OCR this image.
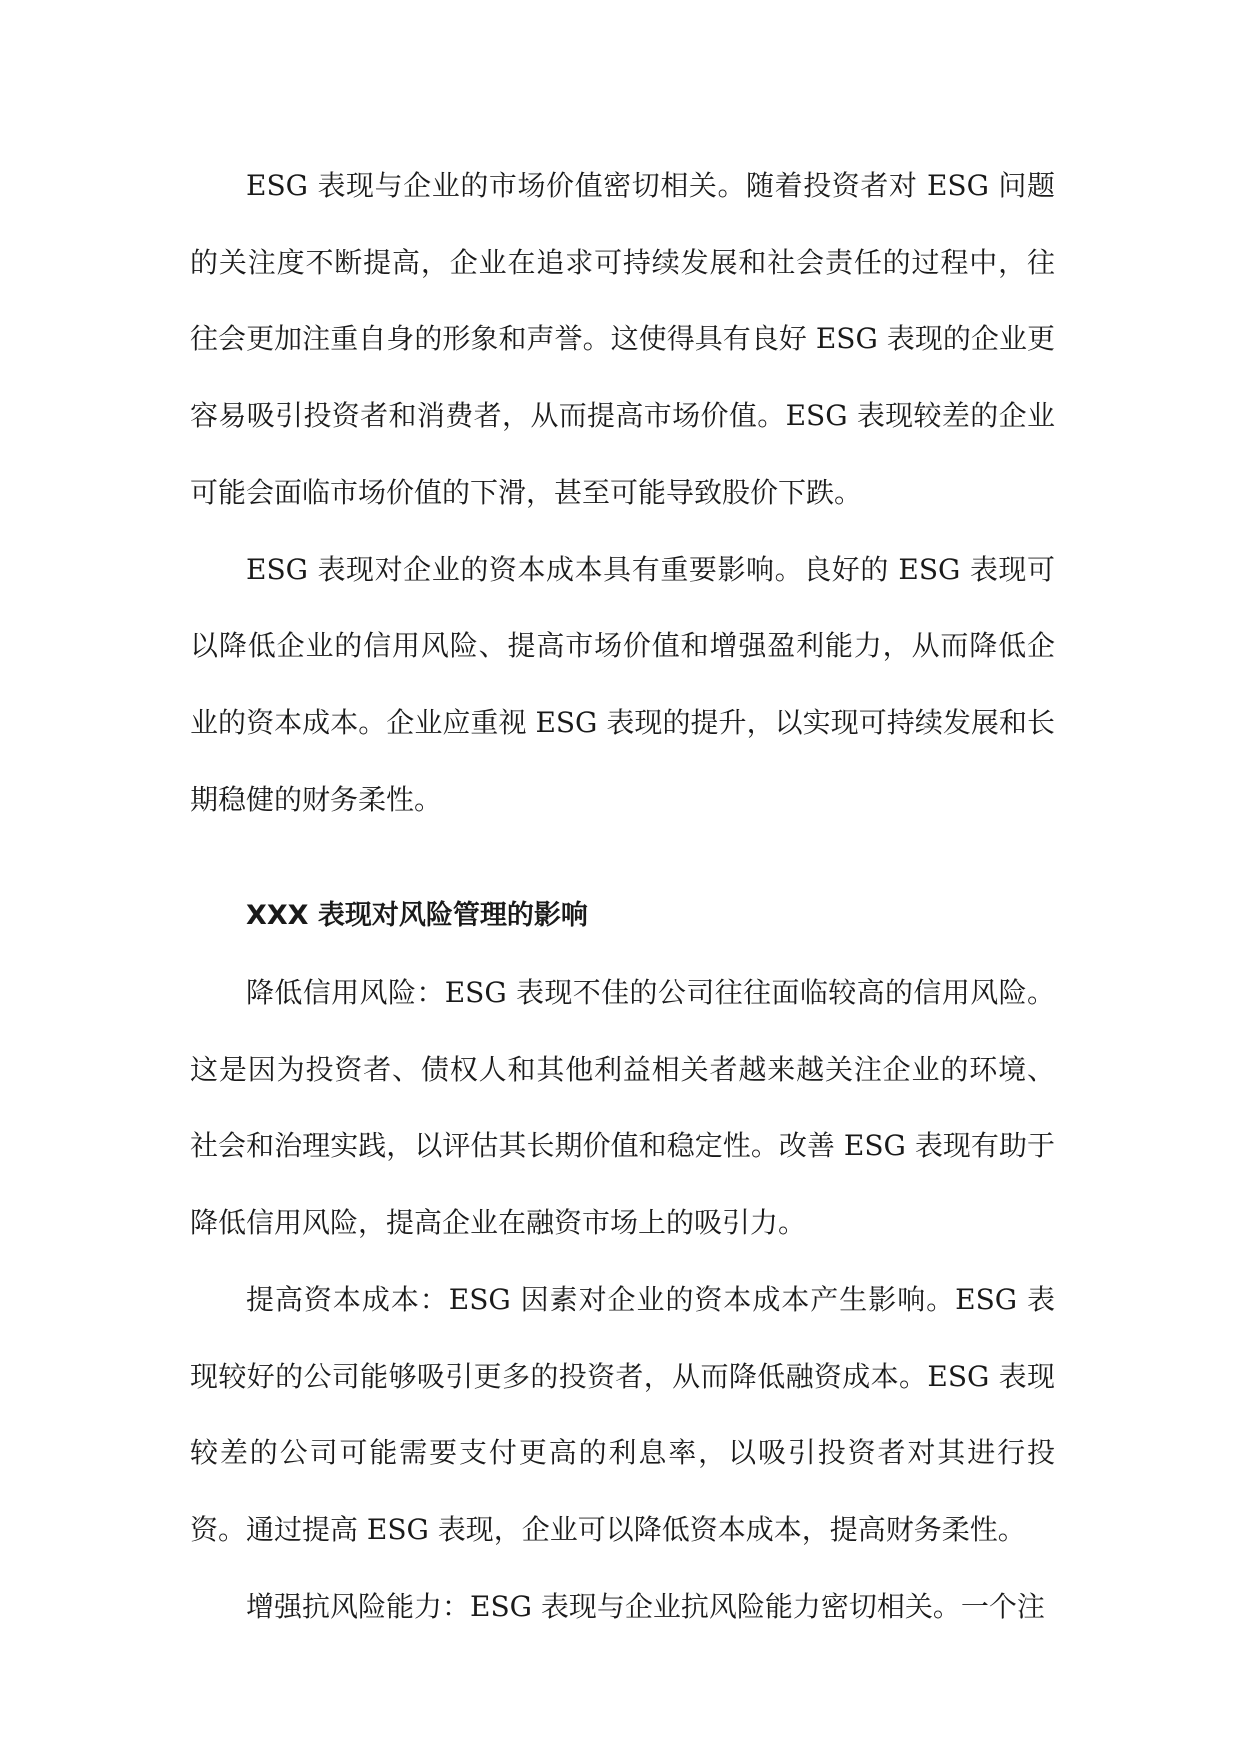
ESG 表现与企业的市场价值密切相关。随着投资者对 ESG 问题的关注度不断提高，企业在追求可持续发展和社会责任的过程中，往往会更加注重自身的形象和声誉。这使得具有良好 ESG 表现的企业更容易吸引投资者和消费者，从而提高市场价值。ESG 表现较差的企业可能会面临市场价值的下滑，甚至可能导致股价下跌。

ESG 表现对企业的资本成本具有重要影响。良好的 ESG 表现可以降低企业的信用风险、提高市场价值和增强盈利能力，从而降低企业的资本成本。企业应重视 ESG 表现的提升，以实现可持续发展和长期稳健的财务柔性。

XXX 表现对风险管理的影响

降低信用风险：ESG 表现不佳的公司往往面临较高的信用风险。这是因为投资者、债权人和其他利益相关者越来越关注企业的环境、社会和治理实践，以评估其长期价值和稳定性。改善 ESG 表现有助于降低信用风险，提高企业在融资市场上的吸引力。

提高资本成本：ESG 因素对企业的资本成本产生影响。ESG 表现较好的公司能够吸引更多的投资者，从而降低融资成本。ESG 表现较差的公司可能需要支付更高的利息率，以吸引投资者对其进行投资。通过提高 ESG 表现，企业可以降低资本成本，提高财务柔性。

增强抗风险能力：ESG 表现与企业抗风险能力密切相关。一个注
